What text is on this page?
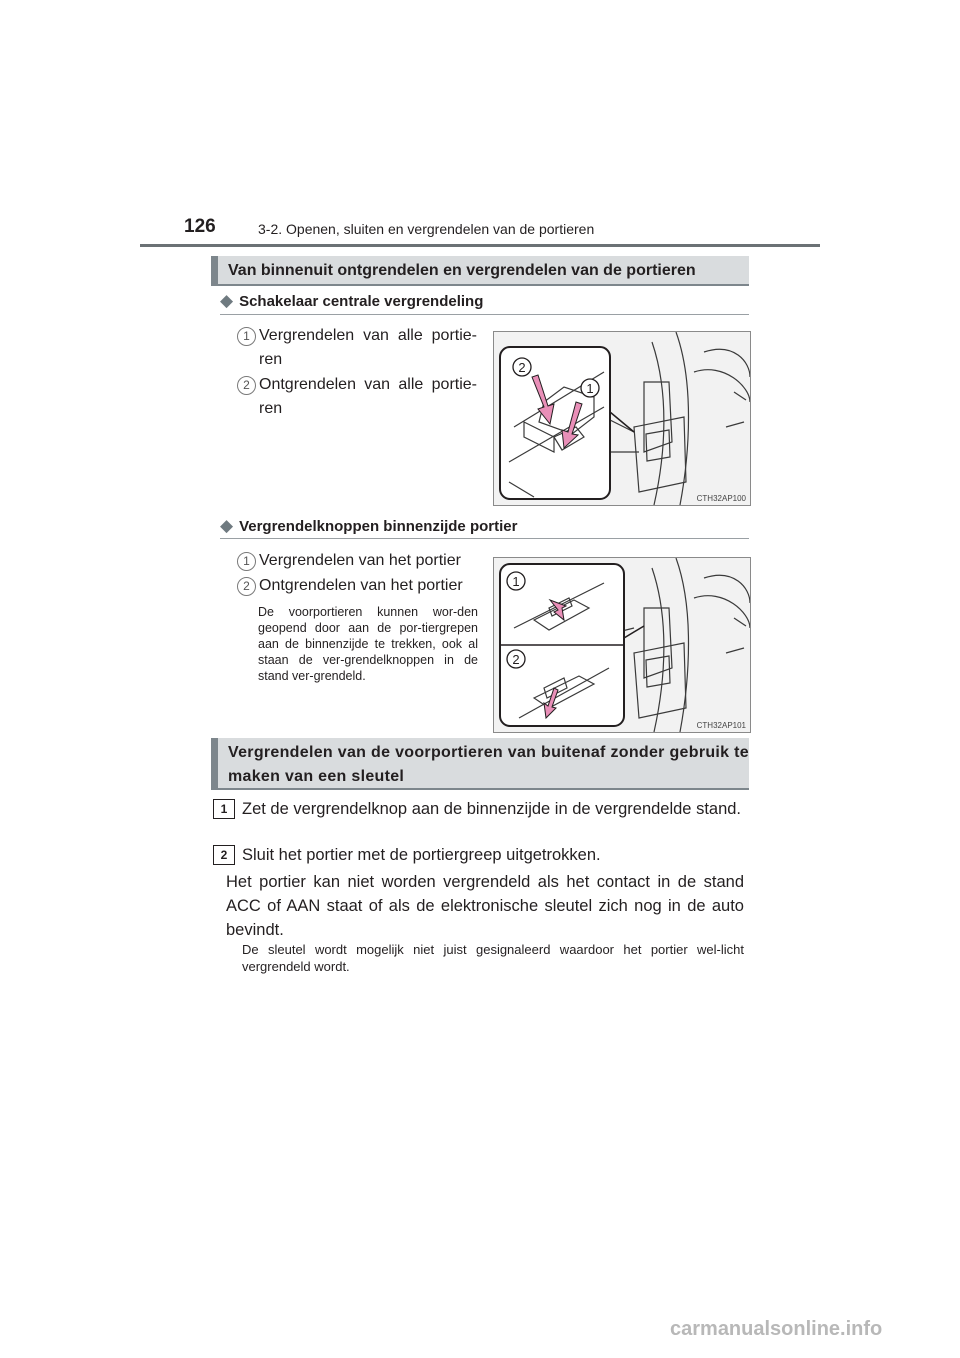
126	3-2. Openen, sluiten en vergrendelen van de portieren
Van binnenuit ontgrendelen en vergrendelen van de portieren
◆ Schakelaar centrale vergrendeling
1 Vergrendelen van alle portie-ren
2 Ontgrendelen van alle portie-ren
2
1
CTH32AP100
◆ Vergrendelknoppen binnenzijde portier
1 Vergrendelen van het portier
2 Ontgrendelen van het portier
De voorportieren kunnen wor-den geopend door aan de por-tiergrepen aan de binnenzijde te trekken, ook al staan de ver-grendelknoppen in de stand ver-grendeld.
1
2
CTH32AP101
Vergrendelen van de voorportieren van buitenaf zonder gebruik te maken van een sleutel
1 Zet de vergrendelknop aan de binnenzijde in de vergrendelde stand.
2 Sluit het portier met de portiergreep uitgetrokken.
Het portier kan niet worden vergrendeld als het contact in de stand ACC of AAN staat of als de elektronische sleutel zich nog in de auto bevindt.
De sleutel wordt mogelijk niet juist gesignaleerd waardoor het portier wel-licht vergrendeld wordt.
carmanualsonline.info
